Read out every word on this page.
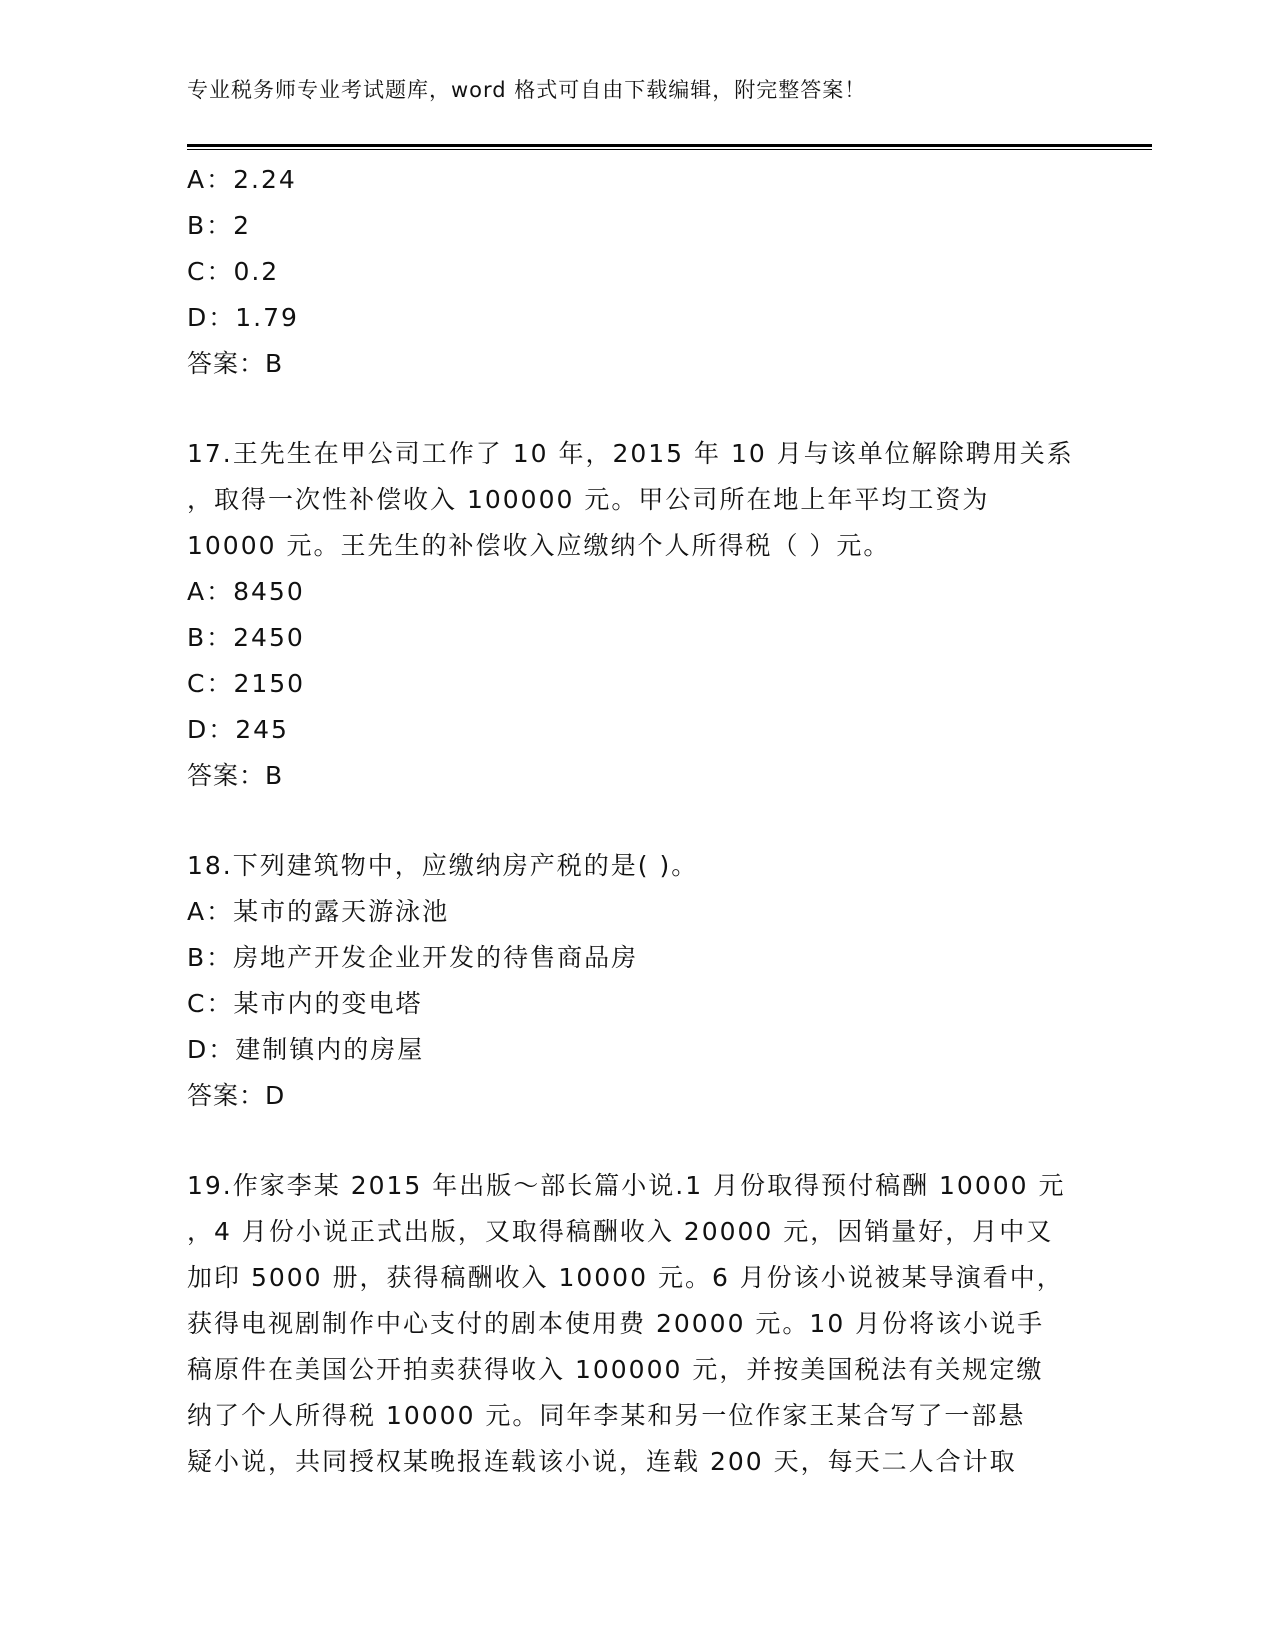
专业税务师专业考试题库，word 格式可自由下载编辑，附完整答案！
A：2.24
B：2
C：0.2
D：1.79
答案：B
17.王先生在甲公司工作了 10 年，2015 年 10 月与该单位解除聘用关系
，取得一次性补偿收入 100000 元。甲公司所在地上年平均工资为
10000 元。王先生的补偿收入应缴纳个人所得税（ ）元。
A：8450
B：2450
C：2150
D：245
答案：B
18.下列建筑物中，应缴纳房产税的是( )。
A：某市的露天游泳池
B：房地产开发企业开发的待售商品房
C：某市内的变电塔
D：建制镇内的房屋
答案：D
19.作家李某 2015 年出版～部长篇小说.1 月份取得预付稿酬 10000 元
，4 月份小说正式出版，又取得稿酬收入 20000 元，因销量好，月中又
加印 5000 册，获得稿酬收入 10000 元。6 月份该小说被某导演看中，
获得电视剧制作中心支付的剧本使用费 20000 元。10 月份将该小说手
稿原件在美国公开拍卖获得收入 100000 元，并按美国税法有关规定缴
纳了个人所得税 10000 元。同年李某和另一位作家王某合写了一部悬
疑小说，共同授权某晚报连载该小说，连载 200 天，每天二人合计取
